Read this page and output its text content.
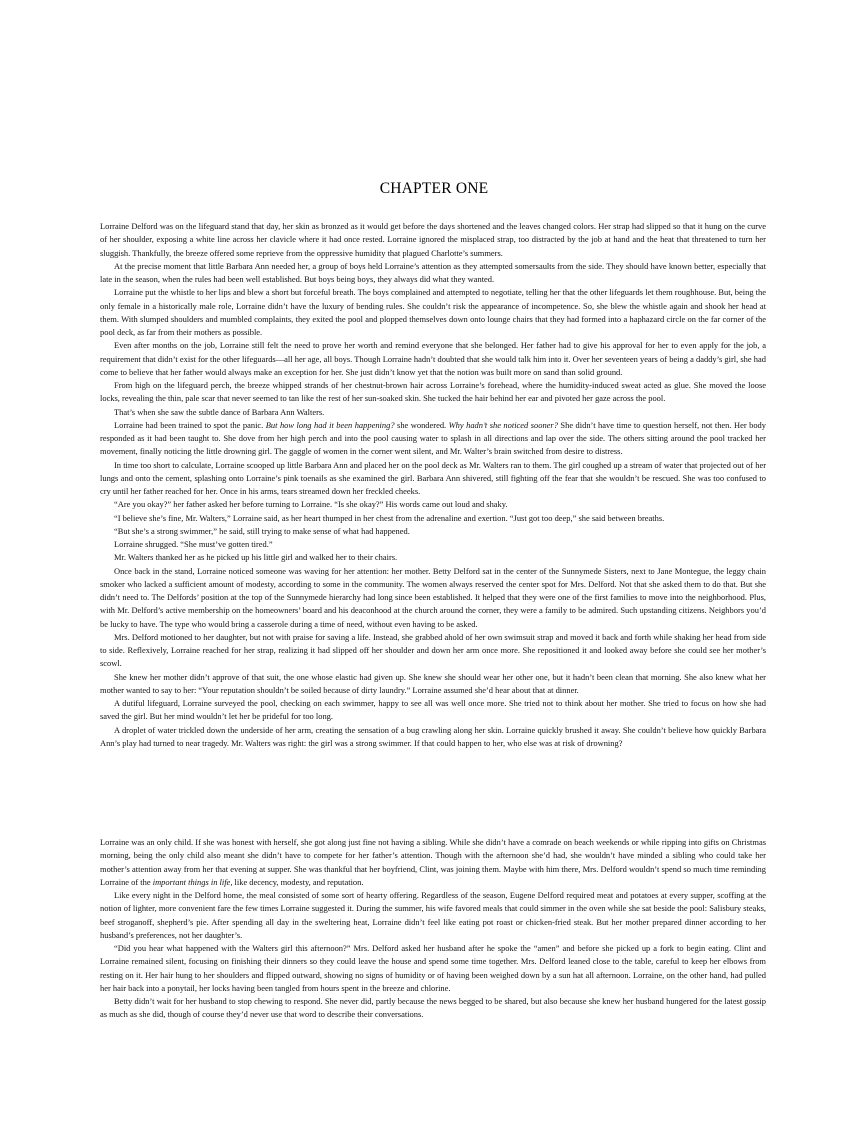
CHAPTER ONE

Lorraine Delford was on the lifeguard stand that day, her skin as bronzed as it would get before the days shortened and the leaves changed colors. Her strap had slipped so that it hung on the curve of her shoulder, exposing a white line across her clavicle where it had once rested. Lorraine ignored the misplaced strap, too distracted by the job at hand and the heat that threatened to turn her sluggish. Thankfully, the breeze offered some reprieve from the oppressive humidity that plagued Charlotte’s summers.

At the precise moment that little Barbara Ann needed her, a group of boys held Lorraine’s attention as they attempted somersaults from the side. They should have known better, especially that late in the season, when the rules had been well established. But boys being boys, they always did what they wanted.

Lorraine put the whistle to her lips and blew a short but forceful breath. The boys complained and attempted to negotiate, telling her that the other lifeguards let them roughhouse. But, being the only female in a historically male role, Lorraine didn’t have the luxury of bending rules. She couldn’t risk the appearance of incompetence. So, she blew the whistle again and shook her head at them. With slumped shoulders and mumbled complaints, they exited the pool and plopped themselves down onto lounge chairs that they had formed into a haphazard circle on the far corner of the pool deck, as far from their mothers as possible.

Even after months on the job, Lorraine still felt the need to prove her worth and remind everyone that she belonged. Her father had to give his approval for her to even apply for the job, a requirement that didn’t exist for the other lifeguards—all her age, all boys. Though Lorraine hadn’t doubted that she would talk him into it. Over her seventeen years of being a daddy’s girl, she had come to believe that her father would always make an exception for her. She just didn’t know yet that the notion was built more on sand than solid ground.

From high on the lifeguard perch, the breeze whipped strands of her chestnut-brown hair across Lorraine’s forehead, where the humidity-induced sweat acted as glue. She moved the loose locks, revealing the thin, pale scar that never seemed to tan like the rest of her sun-soaked skin. She tucked the hair behind her ear and pivoted her gaze across the pool.

That’s when she saw the subtle dance of Barbara Ann Walters.

Lorraine had been trained to spot the panic. But how long had it been happening? she wondered. Why hadn’t she noticed sooner? She didn’t have time to question herself, not then. Her body responded as it had been taught to. She dove from her high perch and into the pool causing water to splash in all directions and lap over the side. The others sitting around the pool tracked her movement, finally noticing the little drowning girl. The gaggle of women in the corner went silent, and Mr. Walter’s brain switched from desire to distress.

In time too short to calculate, Lorraine scooped up little Barbara Ann and placed her on the pool deck as Mr. Walters ran to them. The girl coughed up a stream of water that projected out of her lungs and onto the cement, splashing onto Lorraine’s pink toenails as she examined the girl. Barbara Ann shivered, still fighting off the fear that she wouldn’t be rescued. She was too confused to cry until her father reached for her. Once in his arms, tears streamed down her freckled cheeks.

“Are you okay?” her father asked her before turning to Lorraine. “Is she okay?” His words came out loud and shaky.

“I believe she’s fine, Mr. Walters,” Lorraine said, as her heart thumped in her chest from the adrenaline and exertion. “Just got too deep,” she said between breaths.

“But she’s a strong swimmer,” he said, still trying to make sense of what had happened.

Lorraine shrugged. “She must’ve gotten tired.”

Mr. Walters thanked her as he picked up his little girl and walked her to their chairs.

Once back in the stand, Lorraine noticed someone was waving for her attention: her mother. Betty Delford sat in the center of the Sunnymede Sisters, next to Jane Montegue, the leggy chain smoker who lacked a sufficient amount of modesty, according to some in the community. The women always reserved the center spot for Mrs. Delford. Not that she asked them to do that. But she didn’t need to. The Delfords’ position at the top of the Sunnymede hierarchy had long since been established. It helped that they were one of the first families to move into the neighborhood. Plus, with Mr. Delford’s active membership on the homeowners’ board and his deaconhood at the church around the corner, they were a family to be admired. Such upstanding citizens. Neighbors you’d be lucky to have. The type who would bring a casserole during a time of need, without even having to be asked.

Mrs. Delford motioned to her daughter, but not with praise for saving a life. Instead, she grabbed ahold of her own swimsuit strap and moved it back and forth while shaking her head from side to side. Reflexively, Lorraine reached for her strap, realizing it had slipped off her shoulder and down her arm once more. She repositioned it and looked away before she could see her mother’s scowl.

She knew her mother didn’t approve of that suit, the one whose elastic had given up. She knew she should wear her other one, but it hadn’t been clean that morning. She also knew what her mother wanted to say to her: “Your reputation shouldn’t be soiled because of dirty laundry.” Lorraine assumed she’d hear about that at dinner.

A dutiful lifeguard, Lorraine surveyed the pool, checking on each swimmer, happy to see all was well once more. She tried not to think about her mother. She tried to focus on how she had saved the girl. But her mind wouldn’t let her be prideful for too long.

A droplet of water trickled down the underside of her arm, creating the sensation of a bug crawling along her skin. Lorraine quickly brushed it away. She couldn’t believe how quickly Barbara Ann’s play had turned to near tragedy. Mr. Walters was right: the girl was a strong swimmer. If that could happen to her, who else was at risk of drowning?

Lorraine was an only child. If she was honest with herself, she got along just fine not having a sibling. While she didn’t have a comrade on beach weekends or while ripping into gifts on Christmas morning, being the only child also meant she didn’t have to compete for her father’s attention. Though with the afternoon she’d had, she wouldn’t have minded a sibling who could take her mother’s attention away from her that evening at supper. She was thankful that her boyfriend, Clint, was joining them. Maybe with him there, Mrs. Delford wouldn’t spend so much time reminding Lorraine of the important things in life, like decency, modesty, and reputation.

Like every night in the Delford home, the meal consisted of some sort of hearty offering. Regardless of the season, Eugene Delford required meat and potatoes at every supper, scoffing at the notion of lighter, more convenient fare the few times Lorraine suggested it. During the summer, his wife favored meals that could simmer in the oven while she sat beside the pool: Salisbury steaks, beef stroganoff, shepherd’s pie. After spending all day in the sweltering heat, Lorraine didn’t feel like eating pot roast or chicken-fried steak. But her mother prepared dinner according to her husband’s preferences, not her daughter’s.

“Did you hear what happened with the Walters girl this afternoon?” Mrs. Delford asked her husband after he spoke the “amen” and before she picked up a fork to begin eating. Clint and Lorraine remained silent, focusing on finishing their dinners so they could leave the house and spend some time together. Mrs. Delford leaned close to the table, careful to keep her elbows from resting on it. Her hair hung to her shoulders and flipped outward, showing no signs of humidity or of having been weighed down by a sun hat all afternoon. Lorraine, on the other hand, had pulled her hair back into a ponytail, her locks having been tangled from hours spent in the breeze and chlorine.

Betty didn’t wait for her husband to stop chewing to respond. She never did, partly because the news begged to be shared, but also because she knew her husband hungered for the latest gossip as much as she did, though of course they’d never use that word to describe their conversations.
